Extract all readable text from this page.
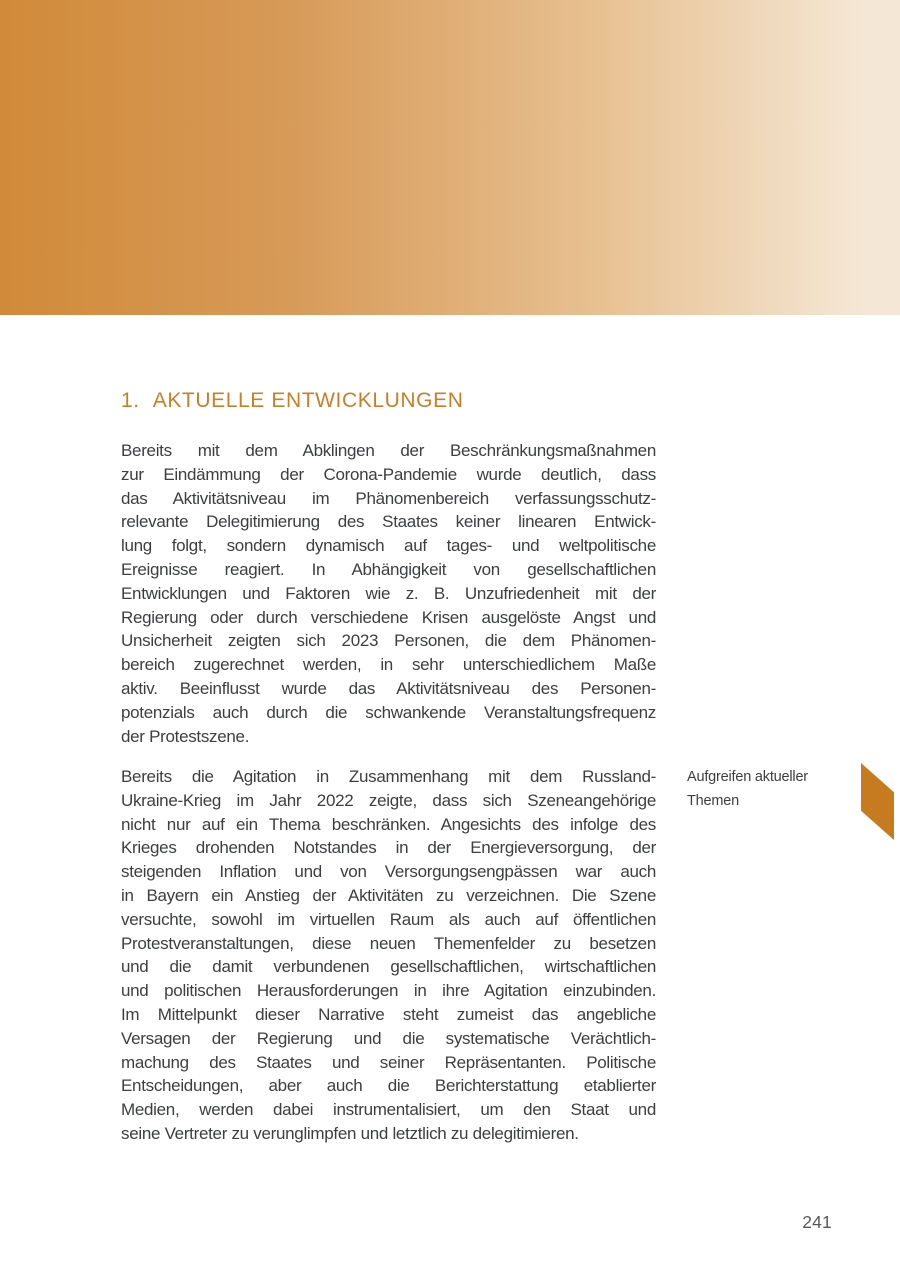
1. AKTUELLE ENTWICKLUNGEN
Bereits mit dem Abklingen der Beschränkungsmaßnahmen
zur Eindämmung der Corona-Pandemie wurde deutlich, dass
das Aktivitätsniveau im Phänomenbereich verfassungsschutz-
relevante Delegitimierung des Staates keiner linearen Entwick-
lung folgt, sondern dynamisch auf tages- und weltpolitische
Ereignisse reagiert. In Abhängigkeit von gesellschaftlichen
Entwicklungen und Faktoren wie z. B. Unzufriedenheit mit der
Regierung oder durch verschiedene Krisen ausgelöste Angst und
Unsicherheit zeigten sich 2023 Personen, die dem Phänomen-
bereich zugerechnet werden, in sehr unterschiedlichem Maße
aktiv. Beeinflusst wurde das Aktivitätsniveau des Personen-
potenzials auch durch die schwankende Veranstaltungsfrequenz
der Protestszene.
Bereits die Agitation in Zusammenhang mit dem Russland-
Ukraine-Krieg im Jahr 2022 zeigte, dass sich Szeneangehörige
nicht nur auf ein Thema beschränken. Angesichts des infolge des
Krieges drohenden Notstandes in der Energieversorgung, der
steigenden Inflation und von Versorgungsengpässen war auch
in Bayern ein Anstieg der Aktivitäten zu verzeichnen. Die Szene
versuchte, sowohl im virtuellen Raum als auch auf öffentlichen
Protestveranstaltungen, diese neuen Themenfelder zu besetzen
und die damit verbundenen gesellschaftlichen, wirtschaftlichen
und politischen Herausforderungen in ihre Agitation einzubinden.
Im Mittelpunkt dieser Narrative steht zumeist das angebliche
Versagen der Regierung und die systematische Verächtlich-
machung des Staates und seiner Repräsentanten. Politische
Entscheidungen, aber auch die Berichterstattung etablierter
Medien, werden dabei instrumentalisiert, um den Staat und
seine Vertreter zu verunglimpfen und letztlich zu delegitimieren.
Aufgreifen aktueller
Themen
241
